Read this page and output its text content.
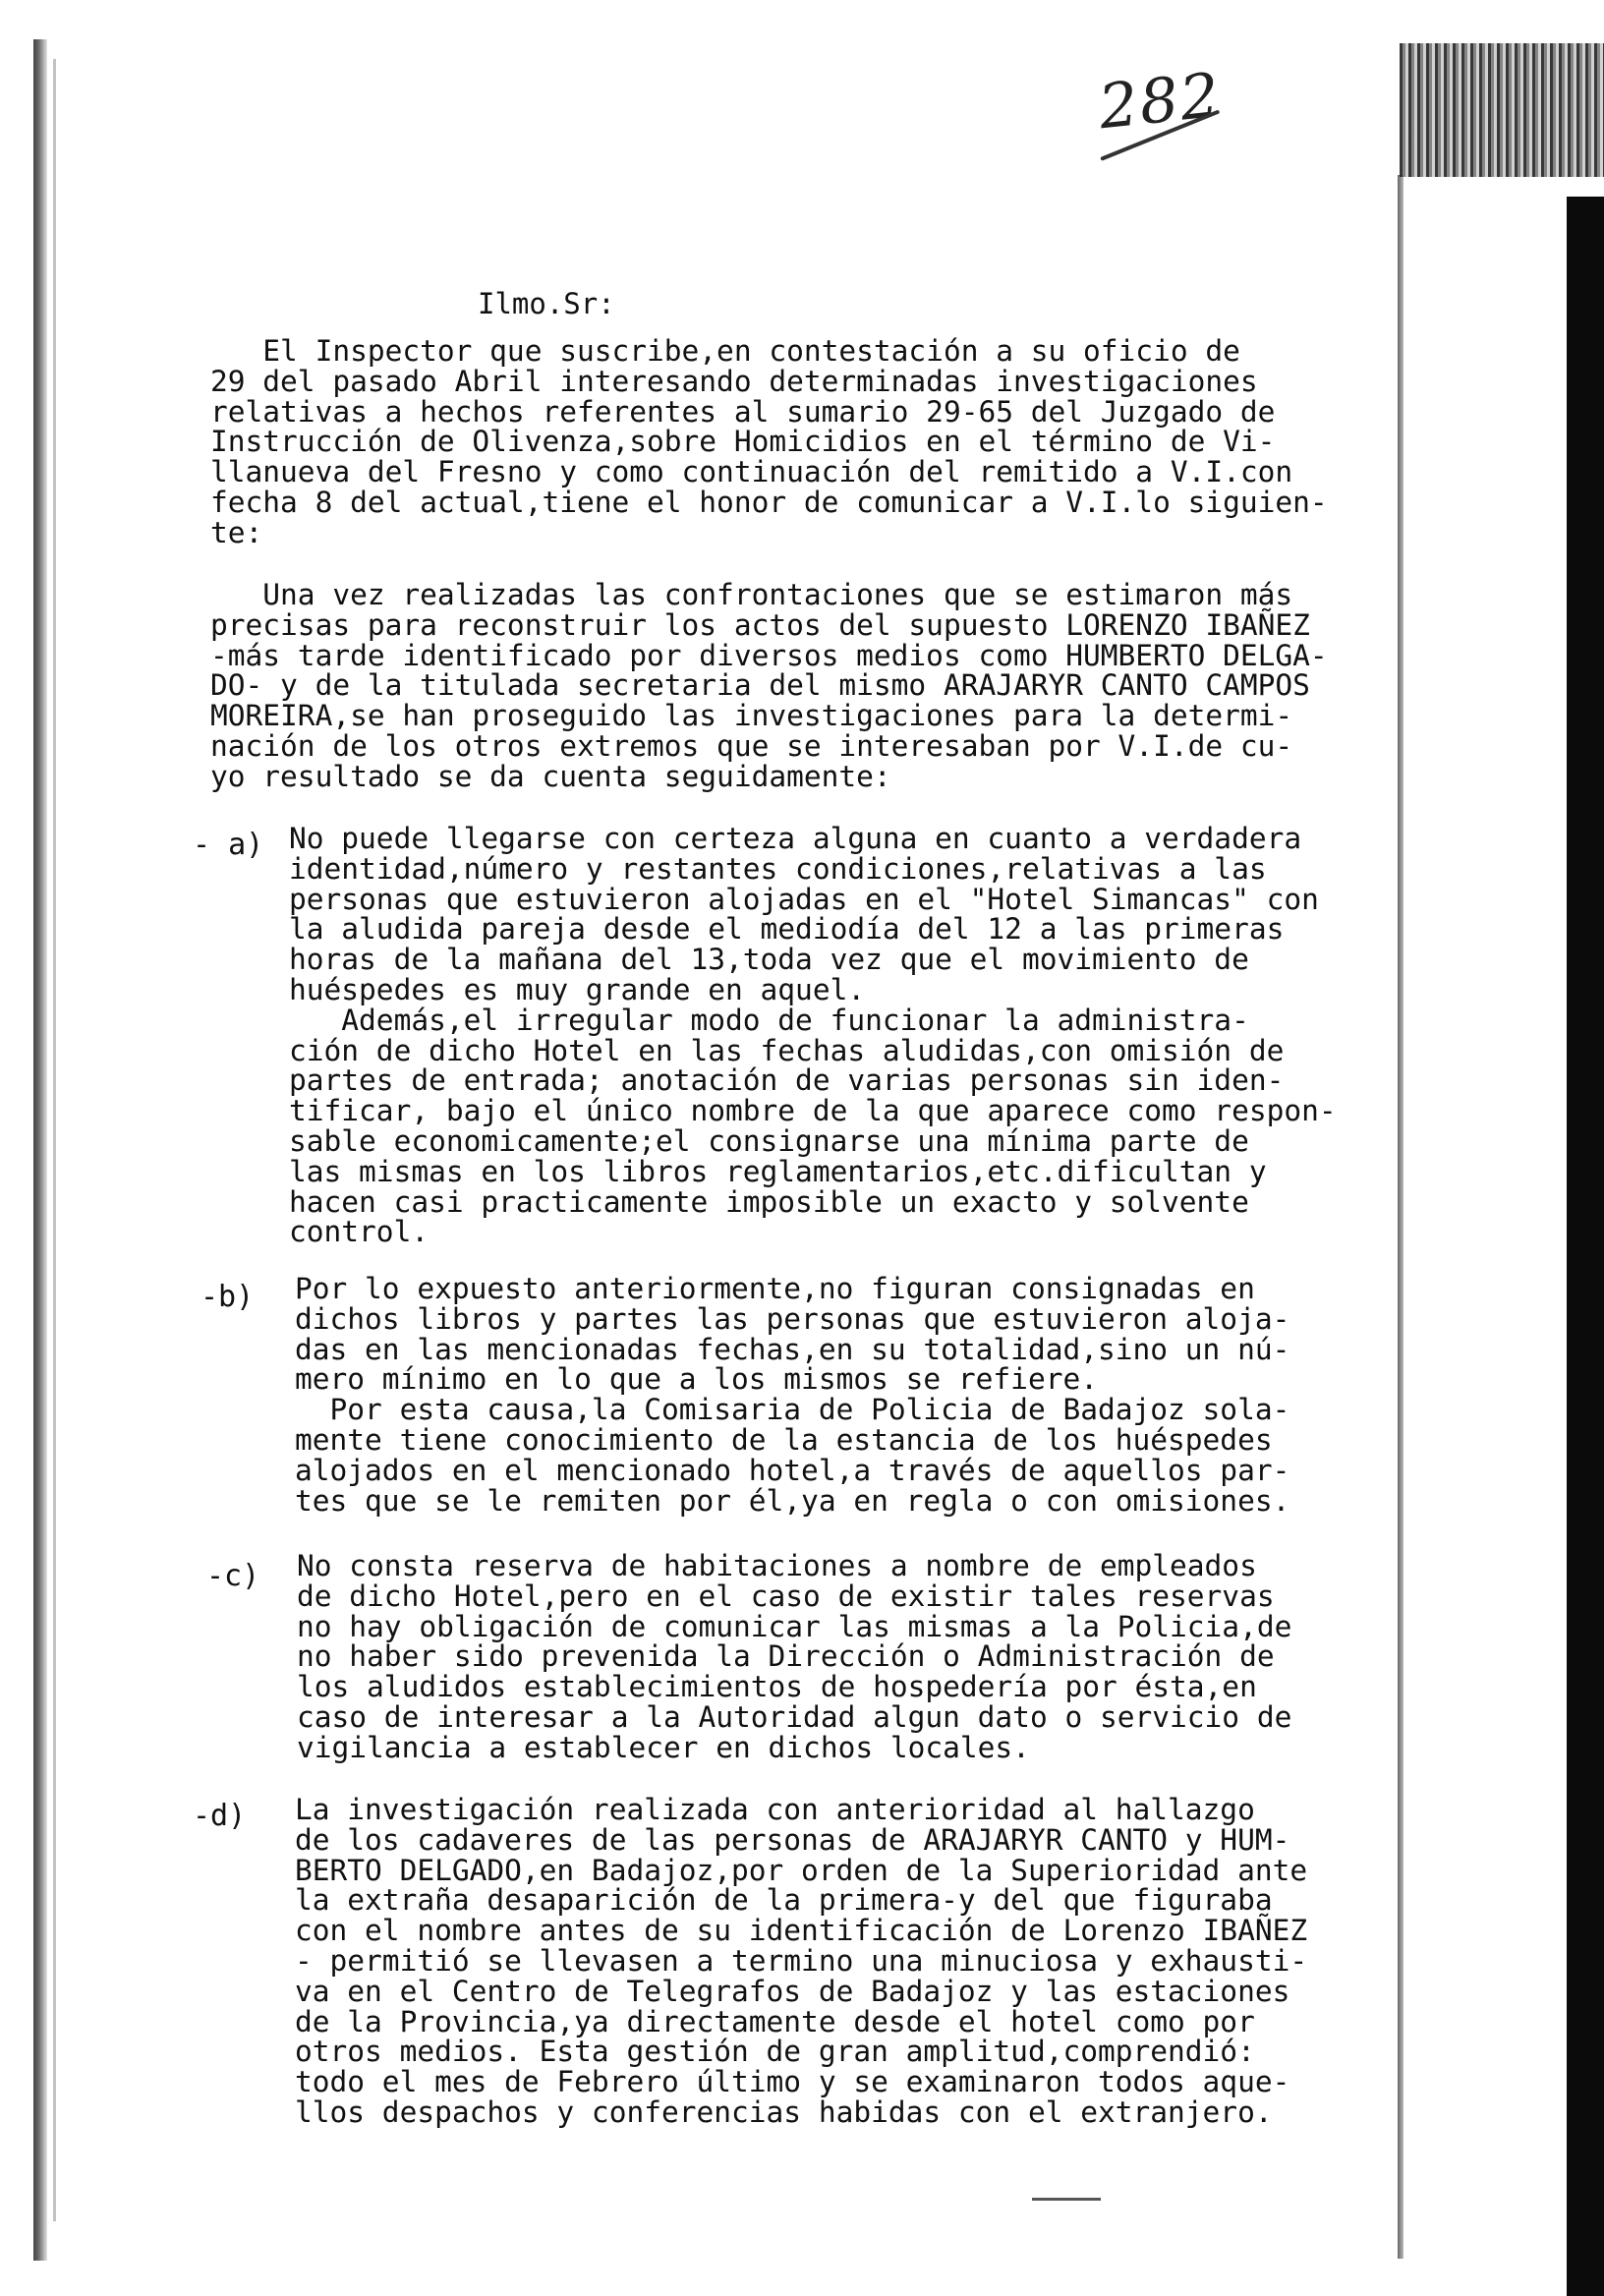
282
Ilmo.Sr:

El Inspector que suscribe,en contestación a su oficio de
29 del pasado Abril interesando determinadas investigaciones
relativas a hechos referentes al sumario 29-65 del Juzgado de
Instrucción de Olivenza,sobre Homicidios en el término de Vi-
llanueva del Fresno y como continuación del remitido a V.I.con
fecha 8 del actual,tiene el honor de comunicar a V.I.lo siguien-
te:

Una vez realizadas las confrontaciones que se estimaron más
precisas para reconstruir los actos del supuesto LORENZO IBAÑEZ
-más tarde identificado por diversos medios como HUMBERTO DELGA-
DO- y de la titulada secretaria del mismo ARAJARYR CANTO CAMPOS
MOREIRA,se han proseguido las investigaciones para la determi-
nación de los otros extremos que se interesaban por V.I.de cu-
yo resultado se da cuenta seguidamente:

- a) No puede llegarse con certeza alguna en cuanto a verdadera
identidad,número y restantes condiciones,relativas a las
personas que estuvieron alojadas en el "Hotel Simancas" con
la aludida pareja desde el mediodía del 12 a las primeras
horas de la mañana del 13,toda vez que el movimiento de
huéspedes es muy grande en aquel.
Además,el irregular modo de funcionar la administra-
ción de dicho Hotel en las fechas aludidas,con omisión de
partes de entrada; anotación de varias personas sin iden-
tificar, bajo el único nombre de la que aparece como respon-
sable economicamente;el consignarse una mínima parte de
las mismas en los libros reglamentarios,etc.dificultan y
hacen casi practicamente imposible un exacto y solvente
control.

-b) Por lo expuesto anteriormente,no figuran consignadas en
dichos libros y partes las personas que estuvieron aloja-
das en las mencionadas fechas,en su totalidad,sino un nú-
mero mínimo en lo que a los mismos se refiere.
Por esta causa,la Comisaria de Policia de Badajoz sola-
mente tiene conocimiento de la estancia de los huéspedes
alojados en el mencionado hotel,a través de aquellos par-
tes que se le remiten por él,ya en regla o con omisiones.

-c) No consta reserva de habitaciones a nombre de empleados
de dicho Hotel,pero en el caso de existir tales reservas
no hay obligación de comunicar las mismas a la Policia,de
no haber sido prevenida la Dirección o Administración de
los aludidos establecimientos de hospedería por ésta,en
caso de interesar a la Autoridad algun dato o servicio de
vigilancia a establecer en dichos locales.

-d) La investigación realizada con anterioridad al hallazgo
de los cadaveres de las personas de ARAJARYR CANTO y HUM-
BERTO DELGADO,en Badajoz,por orden de la Superioridad ante
la extraña desaparición de la primera-y del que figuraba
con el nombre antes de su identificación de Lorenzo IBAÑEZ
- permitió se llevasen a termino una minuciosa y exhausti-
va en el Centro de Telegrafos de Badajoz y las estaciones
de la Provincia,ya directamente desde el hotel como por
otros medios. Esta gestión de gran amplitud,comprendió:
todo el mes de Febrero último y se examinaron todos aque-
llos despachos y conferencias habidas con el extranjero.
